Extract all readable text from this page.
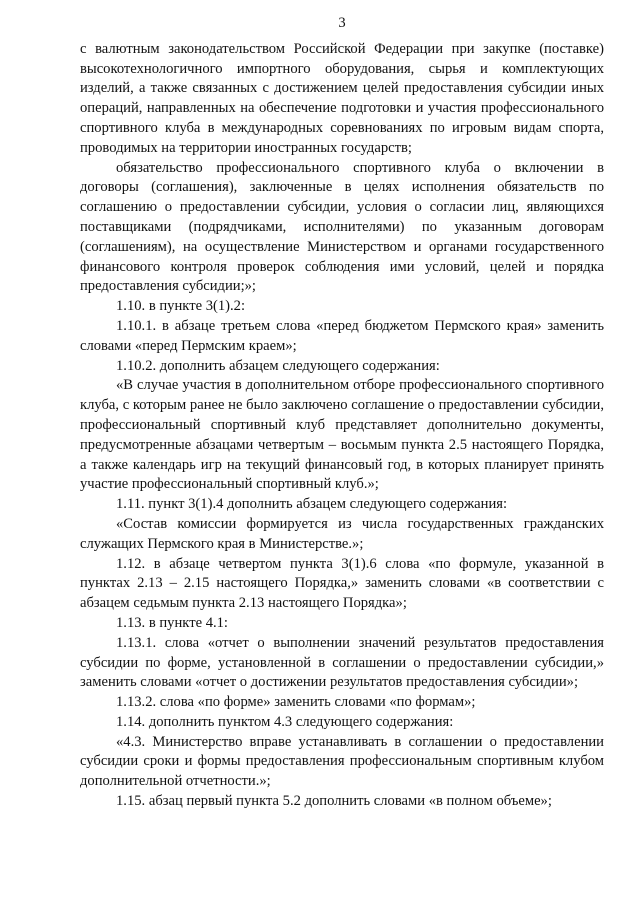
3

с валютным законодательством Российской Федерации при закупке (поставке) высокотехнологичного импортного оборудования, сырья и комплектующих изделий, а также связанных с достижением целей предоставления субсидии иных операций, направленных на обеспечение подготовки и участия профессионального спортивного клуба в международных соревнованиях по игровым видам спорта, проводимых на территории иностранных государств;

обязательство профессионального спортивного клуба о включении в договоры (соглашения), заключенные в целях исполнения обязательств по соглашению о предоставлении субсидии, условия о согласии лиц, являющихся поставщиками (подрядчиками, исполнителями) по указанным договорам (соглашениям), на осуществление Министерством и органами государственного финансового контроля проверок соблюдения ими условий, целей и порядка предоставления субсидии;»;

1.10. в пункте 3(1).2:

1.10.1. в абзаце третьем слова «перед бюджетом Пермского края» заменить словами «перед Пермским краем»;

1.10.2. дополнить абзацем следующего содержания:

«В случае участия в дополнительном отборе профессионального спортивного клуба, с которым ранее не было заключено соглашение о предоставлении субсидии, профессиональный спортивный клуб представляет дополнительно документы, предусмотренные абзацами четвертым – восьмым пункта 2.5 настоящего Порядка, а также календарь игр на текущий финансовый год, в которых планирует принять участие профессиональный спортивный клуб.»;

1.11. пункт 3(1).4 дополнить абзацем следующего содержания:

«Состав комиссии формируется из числа государственных гражданских служащих Пермского края в Министерстве.»;

1.12. в абзаце четвертом пункта 3(1).6 слова «по формуле, указанной в пунктах 2.13 – 2.15 настоящего Порядка,» заменить словами «в соответствии с абзацем седьмым пункта 2.13 настоящего Порядка»;

1.13. в пункте 4.1:

1.13.1. слова «отчет о выполнении значений результатов предоставления субсидии по форме, установленной в соглашении о предоставлении субсидии,» заменить словами «отчет о достижении результатов предоставления субсидии»;

1.13.2. слова «по форме» заменить словами «по формам»;

1.14. дополнить пунктом 4.3 следующего содержания:

«4.3. Министерство вправе устанавливать в соглашении о предоставлении субсидии сроки и формы предоставления профессиональным спортивным клубом дополнительной отчетности.»;

1.15. абзац первый пункта 5.2 дополнить словами «в полном объеме»;
